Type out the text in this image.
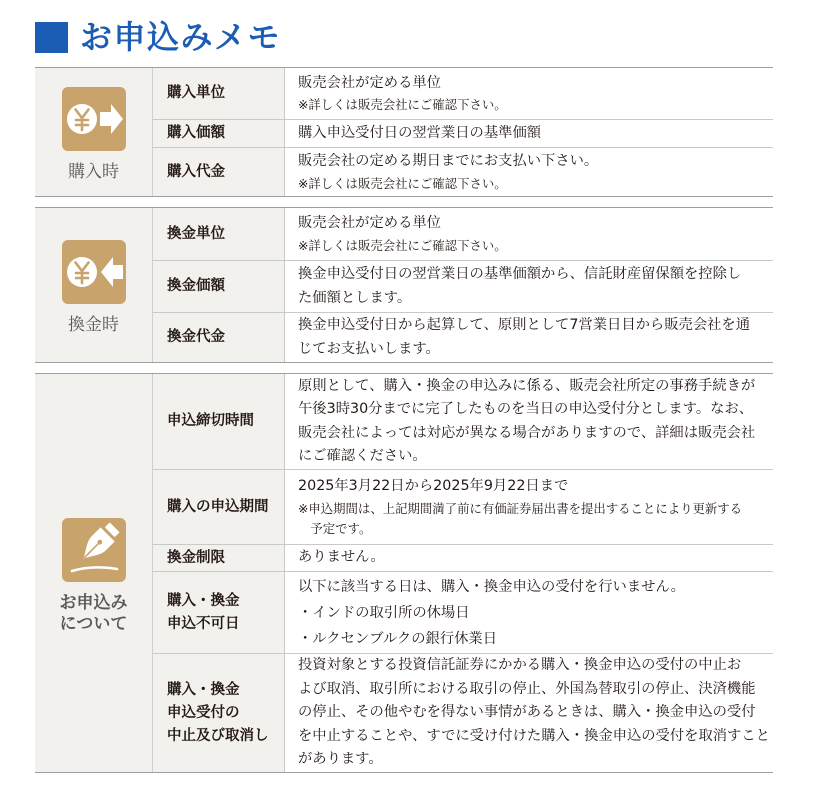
お申込みメモ
購入時
購入単位
販売会社が定める単位
※詳しくは販売会社にご確認下さい。
購入価額	購入申込受付日の翌営業日の基準価額
購入代金
販売会社の定める期日までにお支払い下さい。
※詳しくは販売会社にご確認下さい。
換金時
換金単位
販売会社が定める単位
※詳しくは販売会社にご確認下さい。
換金価額
換金申込受付日の翌営業日の基準価額から、信託財産留保額を控除し
た価額とします。
換金代金
換金申込受付日から起算して、原則として7営業日目から販売会社を通
じてお支払いします。
お申込み
について
申込締切時間
原則として、購入・換金の申込みに係る、販売会社所定の事務手続きが
午後3時30分までに完了したものを当日の申込受付分とします。なお、
販売会社によっては対応が異なる場合がありますので、詳細は販売会社
にご確認ください。
購入の申込期間
2025年3月22日から2025年9月22日まで
※申込期間は、上記期間満了前に有価証券届出書を提出することにより更新する
予定です。
換金制限	ありません。
購入・換金
申込不可日
以下に該当する日は、購入・換金申込の受付を行いません。
・インドの取引所の休場日
・ルクセンブルクの銀行休業日
購入・換金
申込受付の
中止及び取消し
投資対象とする投資信託証券にかかる購入・換金申込の受付の中止お
よび取消、取引所における取引の停止、外国為替取引の停止、決済機能
の停止、その他やむを得ない事情があるときは、購入・換金申込の受付
を中止することや、すでに受け付けた購入・換金申込の受付を取消すこと
があります。
